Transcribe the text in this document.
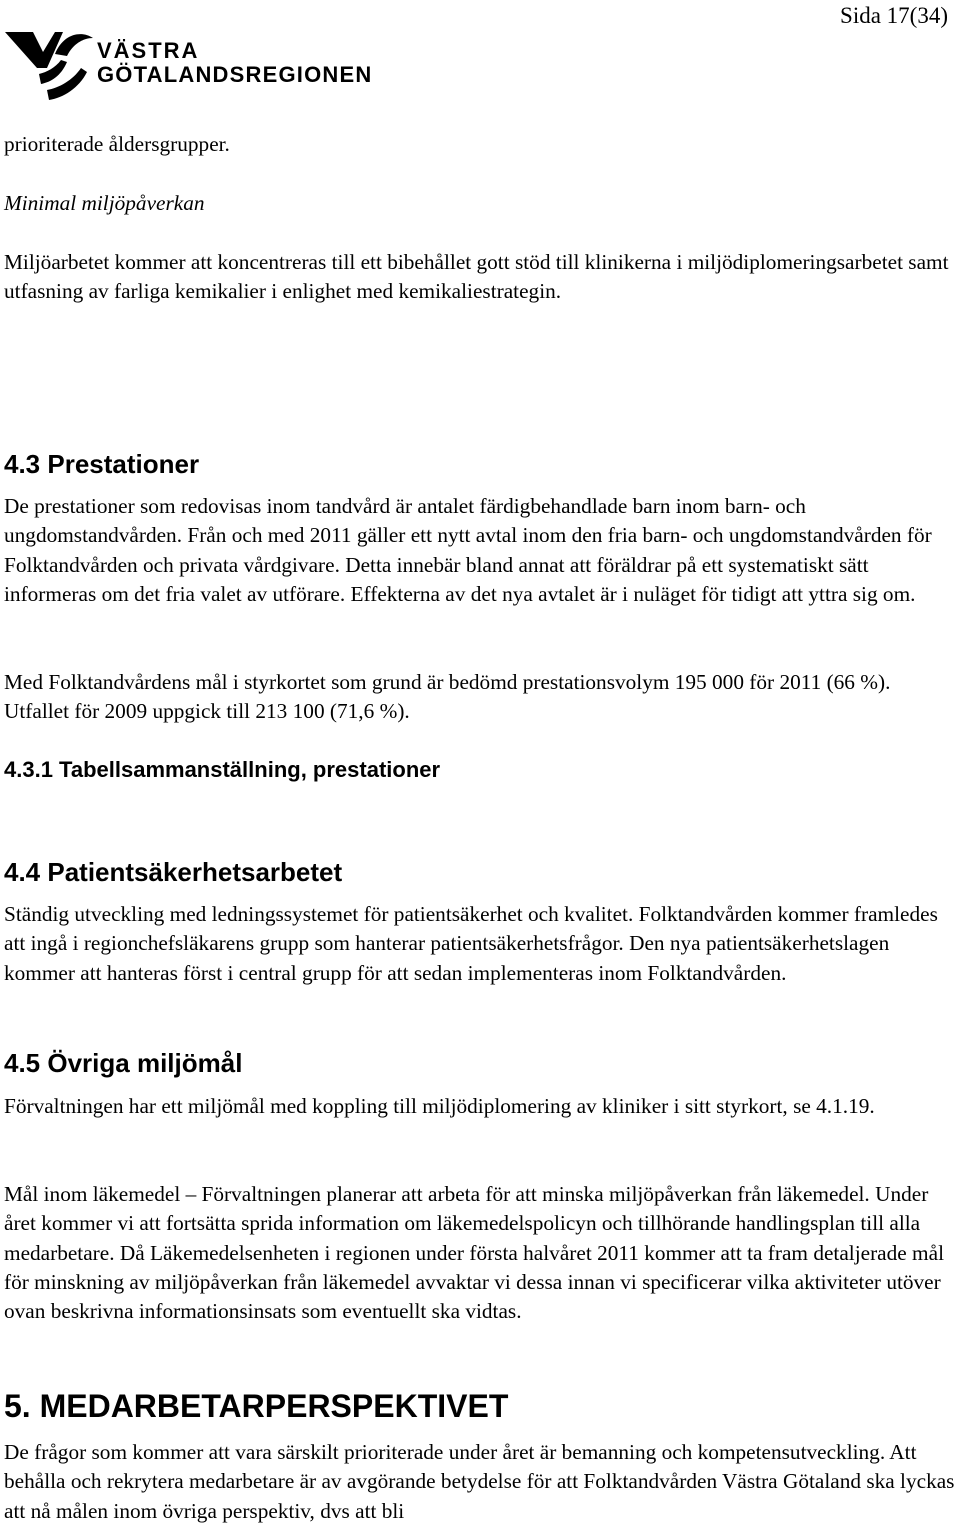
Sida 17(34)
VÄSTRA
GÖTALANDSREGIONEN

prioriterade åldersgrupper.

Minimal miljöpåverkan

Miljöarbetet kommer att koncentreras till ett bibehållet gott stöd till klinikerna i miljödiplomeringsarbetet samt utfasning av farliga kemikalier i enlighet med kemikaliestrategin.

4.3 Prestationer

De prestationer som redovisas inom tandvård är antalet färdigbehandlade barn inom barn- och ungdomstandvården. Från och med 2011 gäller ett nytt avtal inom den fria barn- och ungdomstandvården för Folktandvården och privata vårdgivare. Detta innebär bland annat att föräldrar på ett systematiskt sätt informeras om det fria valet av utförare. Effekterna av det nya avtalet är i nuläget för tidigt att yttra sig om.

Med Folktandvårdens mål i styrkortet som grund är bedömd prestationsvolym 195 000 för 2011 (66 %). Utfallet för 2009 uppgick till 213 100 (71,6 %).

4.3.1 Tabellsammanställning, prestationer
4.4 Patientsäkerhetsarbetet

Ständig utveckling med ledningssystemet för patientsäkerhet och kvalitet. Folktandvården kommer framledes att ingå i regionchefsläkarens grupp som hanterar patientsäkerhetsfrågor. Den nya patientsäkerhetslagen kommer att hanteras först i central grupp för att sedan implementeras inom Folktandvården.

4.5 Övriga miljömål

Förvaltningen har ett miljömål med koppling till miljödiplomering av kliniker i sitt styrkort, se 4.1.19.

Mål inom läkemedel – Förvaltningen planerar att arbeta för att minska miljöpåverkan från läkemedel. Under året kommer vi att fortsätta sprida information om läkemedelspolicyn och tillhörande handlingsplan till alla medarbetare. Då Läkemedelsenheten i regionen under första halvåret 2011 kommer att ta fram detaljerade mål för minskning av miljöpåverkan från läkemedel avvaktar vi dessa innan vi specificerar vilka aktiviteter utöver ovan beskrivna informationsinsats som eventuellt ska vidtas.

5. MEDARBETARPERSPEKTIVET

De frågor som kommer att vara särskilt prioriterade under året är bemanning och kompetensutveckling. Att behålla och rekrytera medarbetare är av avgörande betydelse för att Folktandvården Västra Götaland ska lyckas att nå målen inom övriga perspektiv, dvs att bli
